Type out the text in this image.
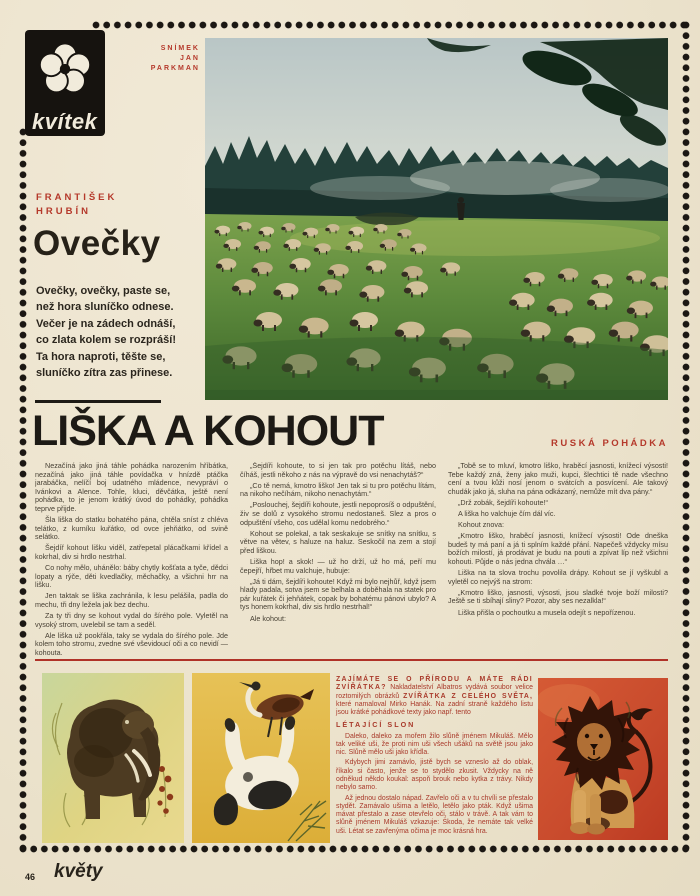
kvítek
SNÍMEK
JAN
PARKMAN
FRANTIŠEK
HRUBÍN
Ovečky
Ovečky, ovečky, paste se,
než hora sluníčko odnese.
Večer je na zádech odnáší,
co zlata kolem se rozpráší!
Ta hora naproti, těšte se,
sluníčko zítra zas přinese.
LIŠKA A KOHOUT	RUSKÁ POHÁDKA

Nezačíná jako jiná táhle pohádka narozením hříbátka, nezačíná jako jiná táhle povídačka v hnízdě ptáčka jarabáčka, nelíčí boj udatného mládence, nevypráví o Ivánkovi a Alence. Tohle, kluci, děvčátka, ještě není pohádka, to je jenom krátký úvod do pohádky, pohádka teprve přijde.

Šla liška do statku bohatého pána, chtěla sníst z chléva telátko, z kurníku kuřátko, od ovce jehňátko, od svině selátko.

Šejdíř kohout lišku viděl, zatřepetal plácačkami křídel a kokrhal, div si hrdlo nestrhal.

Co nohy mělo, uhánělo: báby chytly košťata a tyče, dědci lopaty a rýče, děti kvedlačky, měchačky, a všichni hrr na lišku.

Jen taktak se liška zachránila, k lesu pelášila, padla do mechu, tři dny ležela jak bez dechu.

Za ty tři dny se kohout vydal do šírého pole. Vyletěl na vysoký strom, uvelebil se tam a seděl.

Ale liška už pookřála, taky se vydala do šírého pole. Jde kolem toho stromu, zvedne své vševidoucí oči a co nevidí — kohouta.

„Šejdíři kohoute, to si jen tak pro potěchu lítáš, nebo číháš, jestli někoho z nás na výpravě do vsi nenachytáš?“

„Co tě nemá, kmotro liško! Jen tak si tu pro potěchu lítám, na nikoho nečíhám, nikoho nenachytám.“

„Poslouchej, šejdíři kohoute, jestli nepoprosíš o odpuštění, živ se dolů z vysokého stromu nedostaneš. Slez a pros o odpuštění všeho, cos udělal komu nedobrého.“

Kohout se polekal, a tak seskakuje se snítky na snítku, s větve na větev, s haluze na haluz. Seskočil na zem a stojí před liškou.

Liška hop! a skok! — už ho drží, už ho má, peří mu čepejří, hřbet mu valchuje, hubuje:

„Já ti dám, šejdíři kohoute! Když mi bylo nejhůř, když jsem hlady padala, sotva jsem se belhala a doběhala na statek pro pár kuřátek či jehňátek, copak by bohatému pánovi ubylo? A tys honem kokrhal, div sis hrdlo nestrhal!“

Ale kohout:

„Tobě se to mluví, kmotro liško, hraběcí jasnosti, knížecí výsosti! Tebe každý zná, ženy jako muži, kupci, šlechtici tě nade všechno cení a tvou kůži nosí jenom o svátcích a posvícení. Ale takový chudák jako já, sluha na pána odkázaný, nemůže mít dva pány.“

„Drž zobák, šejdíři kohoute!“

A liška ho valchuje čím dál víc.

Kohout znova:

„Kmotro liško, hraběcí jasnosti, knížecí výsosti! Ode dneška budeš ty má paní a já ti splním každé přání. Napečeš vždycky mísu božích milostí, já prodávat je budu na pouti a zpívat líp než všichni kohouti. Půjde o nás jedna chvála …“

Liška na ta slova trochu povolila drápy. Kohout se jí vyškubl a vyletěl co nejvýš na strom:

„Kmotro liško, jasnosti, výsosti, jsou sladké tvoje boží milosti? Ještě se ti sbíhají sliny? Pozor, aby ses nezalkla!“

Liška přišla o pochoutku a musela odejít s nepořízenou.

ZAJÍMÁTE SE O PŘÍRODU A MÁTE RÁDI ZVÍŘÁTKA? Nakladatelství Albatros vydává soubor velice roztomilých obrázků ZVÍŘÁTKA Z CELÉHO SVĚTA, které namaloval Mirko Hanák. Na zadní straně každého listu jsou krátké pohádkové texty jako např. tento

LÉTAJÍCÍ SLON

Daleko, daleko za mořem žilo slůně jménem Mikuláš. Mělo tak veliké uši, že proti nim uši všech ušáků na světě jsou jako nic. Slůně mělo uši jako křídla.

Kdybych jimi zamávlo, jistě bych se vzneslo až do oblak, říkalo si často, jenže se to stydělo zkusit. Vždycky na ně odněkud někdo koukal: aspoň brouk nebo kytka z trávy. Nikdy nebylo samo.

Až jednou dostalo nápad. Zavřelo oči a v tu chvíli se přestalo stydět. Zamávalo ušima a letělo, letělo jako pták. Když ušima mávat přestalo a zase otevřelo oči, stálo v trávě. A tak vám to slůně jménem Mikuláš vzkazuje: Škoda, že nemáte tak velké uši. Létat se zavřenýma očima je moc krásná hra.

46 květy
